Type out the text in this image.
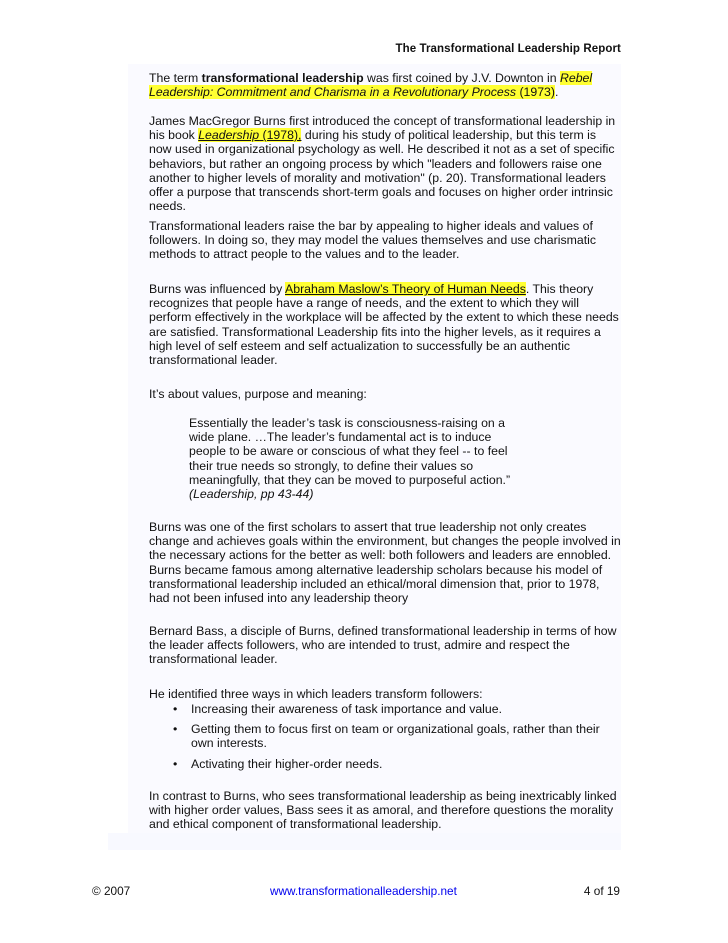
The Transformational Leadership Report

The term transformational leadership was first coined by J.V. Downton in Rebel Leadership: Commitment and Charisma in a Revolutionary Process (1973).

James MacGregor Burns first introduced the concept of transformational leadership in his book Leadership (1978), during his study of political leadership, but this term is now used in organizational psychology as well. He described it not as a set of specific behaviors, but rather an ongoing process by which "leaders and followers raise one another to higher levels of morality and motivation" (p. 20). Transformational leaders offer a purpose that transcends short-term goals and focuses on higher order intrinsic needs.

Transformational leaders raise the bar by appealing to higher ideals and values of followers. In doing so, they may model the values themselves and use charismatic methods to attract people to the values and to the leader.

Burns was influenced by Abraham Maslow’s Theory of Human Needs. This theory recognizes that people have a range of needs, and the extent to which they will perform effectively in the workplace will be affected by the extent to which these needs are satisfied. Transformational Leadership fits into the higher levels, as it requires a high level of self esteem and self actualization to successfully be an authentic transformational leader.

It’s about values, purpose and meaning:

Essentially the leader’s task is consciousness-raising on a wide plane. …The leader’s fundamental act is to induce people to be aware or conscious of what they feel -- to feel their true needs so strongly, to define their values so meaningfully, that they can be moved to purposeful action.”
(Leadership, pp 43-44)

Burns was one of the first scholars to assert that true leadership not only creates change and achieves goals within the environment, but changes the people involved in the necessary actions for the better as well: both followers and leaders are ennobled. Burns became famous among alternative leadership scholars because his model of transformational leadership included an ethical/moral dimension that, prior to 1978, had not been infused into any leadership theory

Bernard Bass, a disciple of Burns, defined transformational leadership in terms of how the leader affects followers, who are intended to trust, admire and respect the transformational leader.

He identified three ways in which leaders transform followers:

• Increasing their awareness of task importance and value.
• Getting them to focus first on team or organizational goals, rather than their own interests.
• Activating their higher-order needs.

In contrast to Burns, who sees transformational leadership as being inextricably linked with higher order values, Bass sees it as amoral, and therefore questions the morality and ethical component of transformational leadership.

© 2007	www.transformationalleadership.net	4 of 19
